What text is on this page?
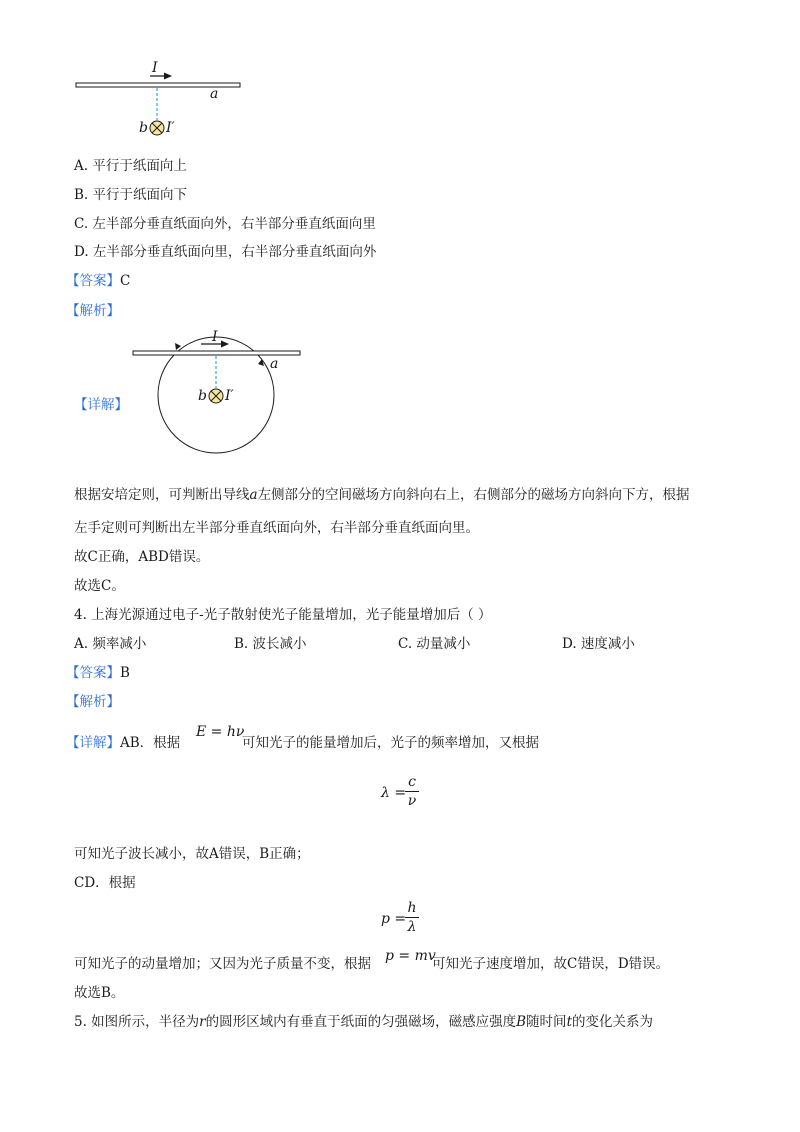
I
a
b I′
A. 平行于纸面向上
B. 平行于纸面向下
C. 左半部分垂直纸面向外，右半部分垂直纸面向里
D. 左半部分垂直纸面向里，右半部分垂直纸面向外
【答案】C
【解析】
I
a
b I′
【详解】
根据安培定则，可判断出导线a左侧部分的空间磁场方向斜向右上，右侧部分的磁场方向斜向下方，根据
左手定则可判断出左半部分垂直纸面向外，右半部分垂直纸面向里。
故C正确，ABD错误。
故选C。
4. 上海光源通过电子-光子散射使光子能量增加，光子能量增加后（ ）
A. 频率减小	B. 波长减小	C. 动量减小	D. 速度减小
【答案】B
【解析】
【详解】AB．根据
E = hν
可知光子的能量增加后，光子的频率增加，又根据
λ =
c
ν
可知光子波长减小，故A错误，B正确；
CD．根据
p =
h
λ
可知光子的动量增加；又因为光子质量不变，根据 p = mv
可知光子速度增加，故C错误，D错误。
故选B。
5. 如图所示，半径为r的圆形区域内有垂直于纸面的匀强磁场，磁感应强度B随时间t的变化关系为
